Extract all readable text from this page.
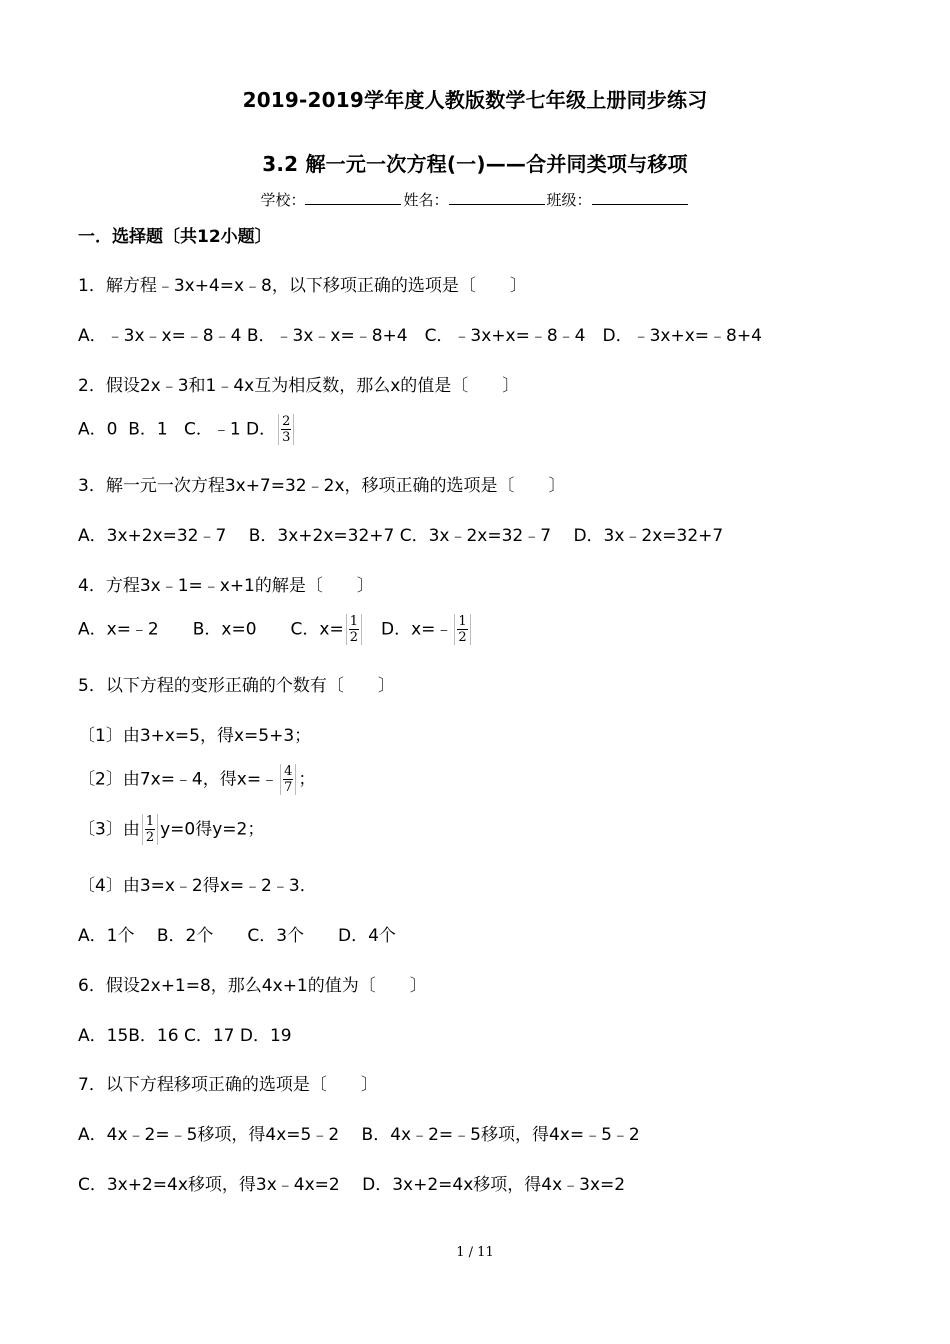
2019-2019学年度人教版数学七年级上册同步练习
3.2 解一元一次方程(一)——合并同类项与移项
学校：	姓名：	班级：
一．选择题〔共12小题〕
1．解方程﹣3x+4=x﹣8，以下移项正确的选项是〔　　〕
A．﹣3x﹣x=﹣8﹣4 B．﹣3x﹣x=﹣8+4　C．﹣3x+x=﹣8﹣4　D．﹣3x+x=﹣8+4
2．假设2x﹣3和1﹣4x互为相反数，那么x的值是〔　　〕
A．0  B．1   C．﹣1 D． $\frac{2}{3}$
3．解一元一次方程3x+7=32﹣2x，移项正确的选项是〔　　〕
A．3x+2x=32﹣7　 B．3x+2x=32+7 C．3x﹣2x=32﹣7　 D．3x﹣2x=32+7
4．方程3x﹣1=﹣x+1的解是〔　　〕
A．x=﹣2　　B．x=0　　C．$x= \frac{1}{2}$ 　D．x=﹣ $\frac{1}{2}$
5．以下方程的变形正确的个数有〔　　〕
〔1〕由3+x=5，得x=5+3；
〔2〕由7x=﹣4，得x=﹣ $\frac{4}{7}$ ；
〔3〕由 $\frac{1}{2} y=0$得y=2；
〔4〕由3=x﹣2得x=﹣2﹣3．
A．1个　 B．2个　　C．3个　　D．4个
6．假设2x+1=8，那么4x+1的值为〔　　〕
A．15B．16 C．17 D．19
7．以下方程移项正确的选项是〔　　〕
A．4x﹣2=﹣5移项，得4x=5﹣2　 B．4x﹣2=﹣5移项，得4x=﹣5﹣2
C．3x+2=4x移项，得3x﹣4x=2　 D．3x+2=4x移项，得4x﹣3x=2
1 / 11
